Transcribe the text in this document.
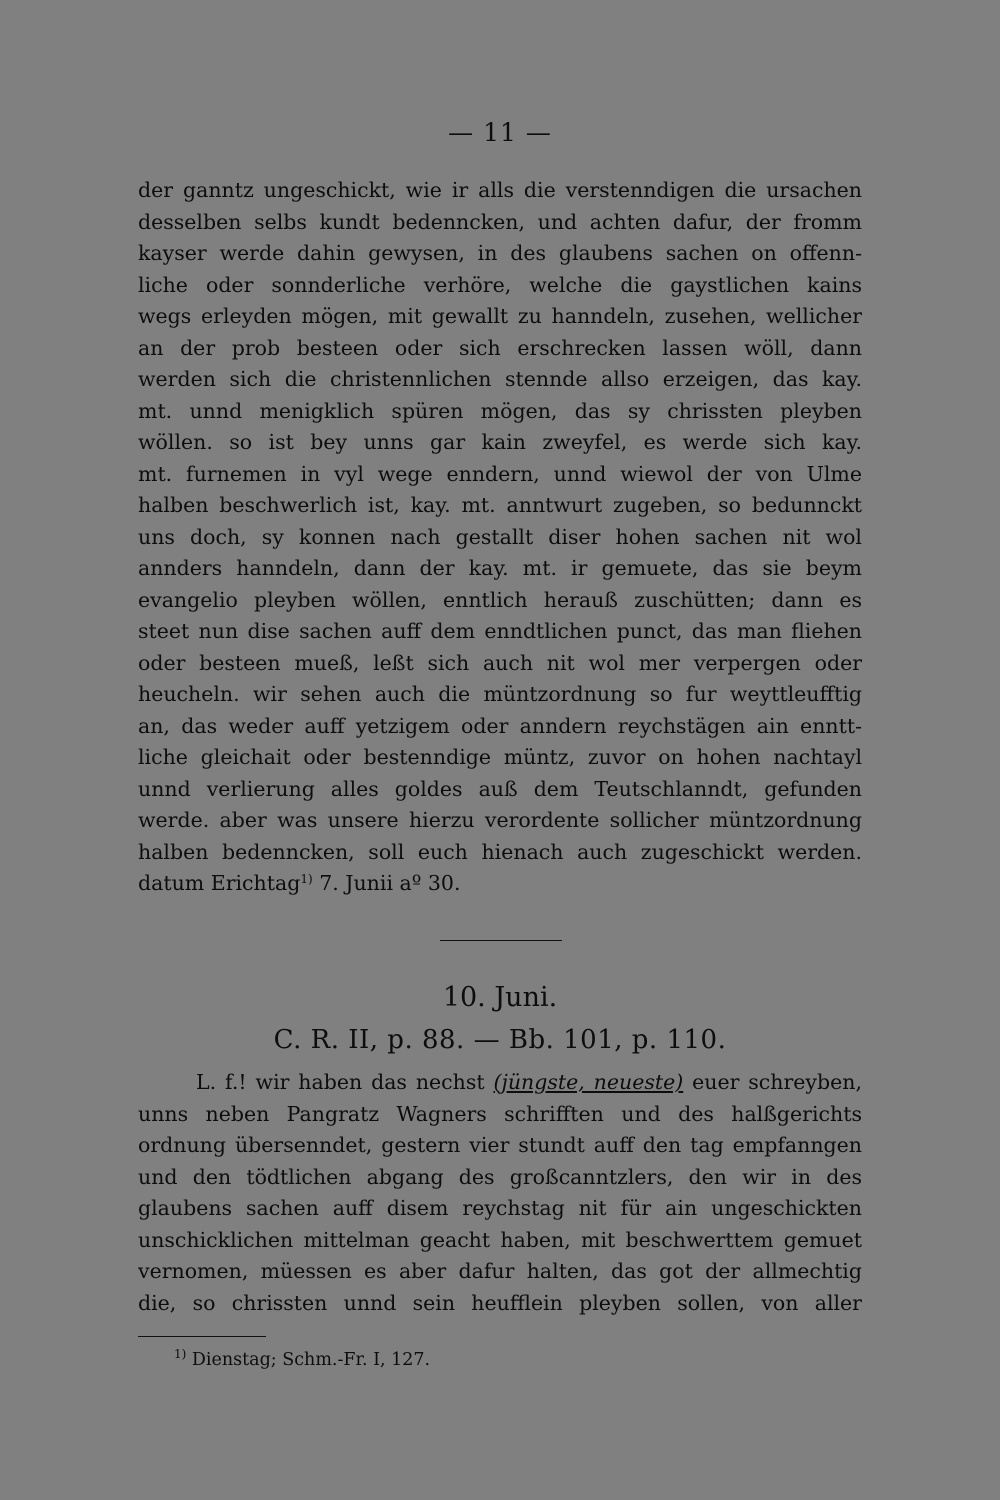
— 11 —
der ganntz ungeschickt, wie ir alls die verstenndigen die ursachen
desselben selbs kundt bedenncken, und achten dafur, der fromm
kayser werde dahin gewysen, in des glaubens sachen on offenn-
liche oder sonnderliche verhöre, welche die gaystlichen kains
wegs erleyden mögen, mit gewallt zu hanndeln, zusehen, wellicher
an der prob besteen oder sich erschrecken lassen wöll, dann
werden sich die christennlichen stennde allso erzeigen, das kay.
mt. unnd menigklich spüren mögen, das sy chrissten pleyben
wöllen. so ist bey unns gar kain zweyfel, es werde sich kay.
mt. furnemen in vyl wege enndern, unnd wiewol der von Ulme
halben beschwerlich ist, kay. mt. anntwurt zugeben, so bedunnckt
uns doch, sy konnen nach gestallt diser hohen sachen nit wol
annders hanndeln, dann der kay. mt. ir gemuete, das sie beym
evangelio pleyben wöllen, enntlich herauß zuschütten; dann es
steet nun dise sachen auff dem enndtlichen punct, das man fliehen
oder besteen mueß, leßt sich auch nit wol mer verpergen oder
heucheln. wir sehen auch die müntzordnung so fur weyttleufftig
an, das weder auff yetzigem oder anndern reychstägen ain enntt-
liche gleichait oder bestenndige müntz, zuvor on hohen nachtayl
unnd verlierung alles goldes auß dem Teutschlanndt, gefunden
werde. aber was unsere hierzu verordente sollicher müntzordnung
halben bedenncken, soll euch hienach auch zugeschickt werden.
datum Erichtag$^{1)}$ 7. Junii aº 30.
10. Juni.
C. R. II, p. 88. — Bb. 101, p. 110.
L. f.! wir haben das nechst (jüngste, neueste) euer schreyben,
unns neben Pangratz Wagners schrifften und des halßgerichts
ordnung übersenndet, gestern vier stundt auff den tag empfanngen
und den tödtlichen abgang des großcanntzlers, den wir in des
glaubens sachen auff disem reychstag nit für ain ungeschickten
unschicklichen mittelman geacht haben, mit beschwerttem gemuet
vernomen, müessen es aber dafur halten, das got der allmechtig
die, so chrissten unnd sein heufflein pleyben sollen, von aller
$^{1)}$ Dienstag; Schm.-Fr. I, 127.
